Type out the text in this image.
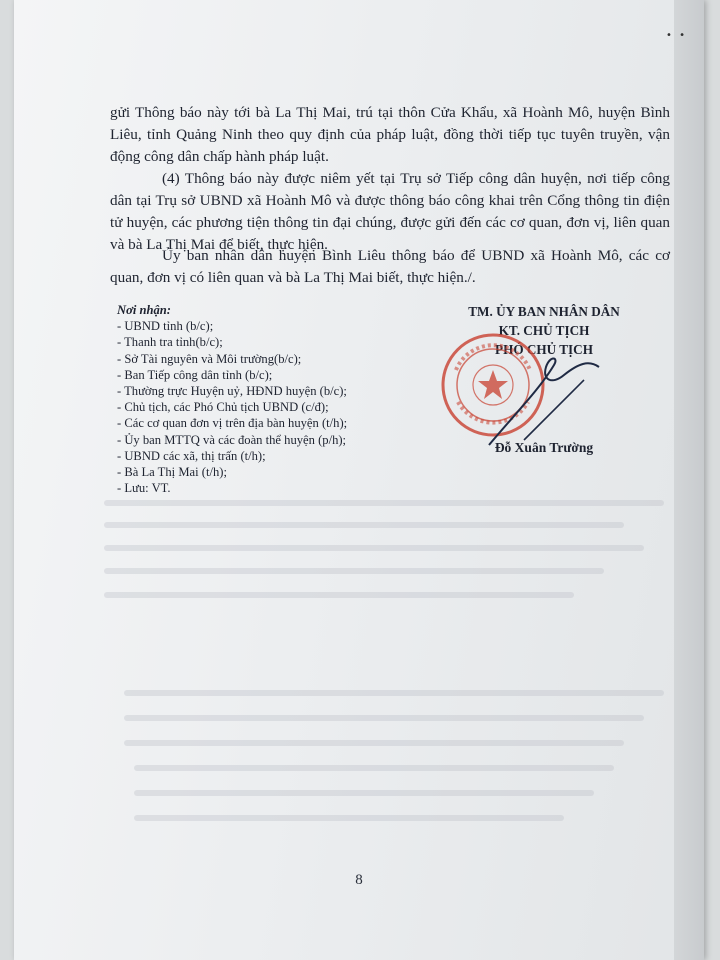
• •

gửi Thông báo này tới bà La Thị Mai, trú tại thôn Cửa Khẩu, xã Hoành Mô, huyện Bình Liêu, tỉnh Quảng Ninh theo quy định của pháp luật, đồng thời tiếp tục tuyên truyền, vận động công dân chấp hành pháp luật.

(4) Thông báo này được niêm yết tại Trụ sở Tiếp công dân huyện, nơi tiếp công dân tại Trụ sở UBND xã Hoành Mô và được thông báo công khai trên Cổng thông tin điện tử huyện, các phương tiện thông tin đại chúng, được gửi đến các cơ quan, đơn vị, liên quan và bà La Thị Mai để biết, thực hiện.

Ủy ban nhân dân huyện Bình Liêu thông báo để UBND xã Hoành Mô, các cơ quan, đơn vị có liên quan và bà La Thị Mai biết, thực hiện./.

Nơi nhận:
- UBND tỉnh (b/c);
- Thanh tra tỉnh(b/c);
- Sở Tài nguyên và Môi trường(b/c);
- Ban Tiếp công dân tỉnh (b/c);
- Thường trực Huyện uỷ, HĐND huyện (b/c);
- Chủ tịch, các Phó Chủ tịch UBND (c/đ);
- Các cơ quan đơn vị trên địa bàn huyện (t/h);
- Ủy ban MTTQ và các đoàn thể huyện (p/h);
- UBND các xã, thị trấn (t/h);
- Bà La Thị Mai (t/h);
- Lưu: VT.
TM. ỦY BAN NHÂN DÂN
KT. CHỦ TỊCH
PHÓ CHỦ TỊCH
Đỗ Xuân Trường
8
